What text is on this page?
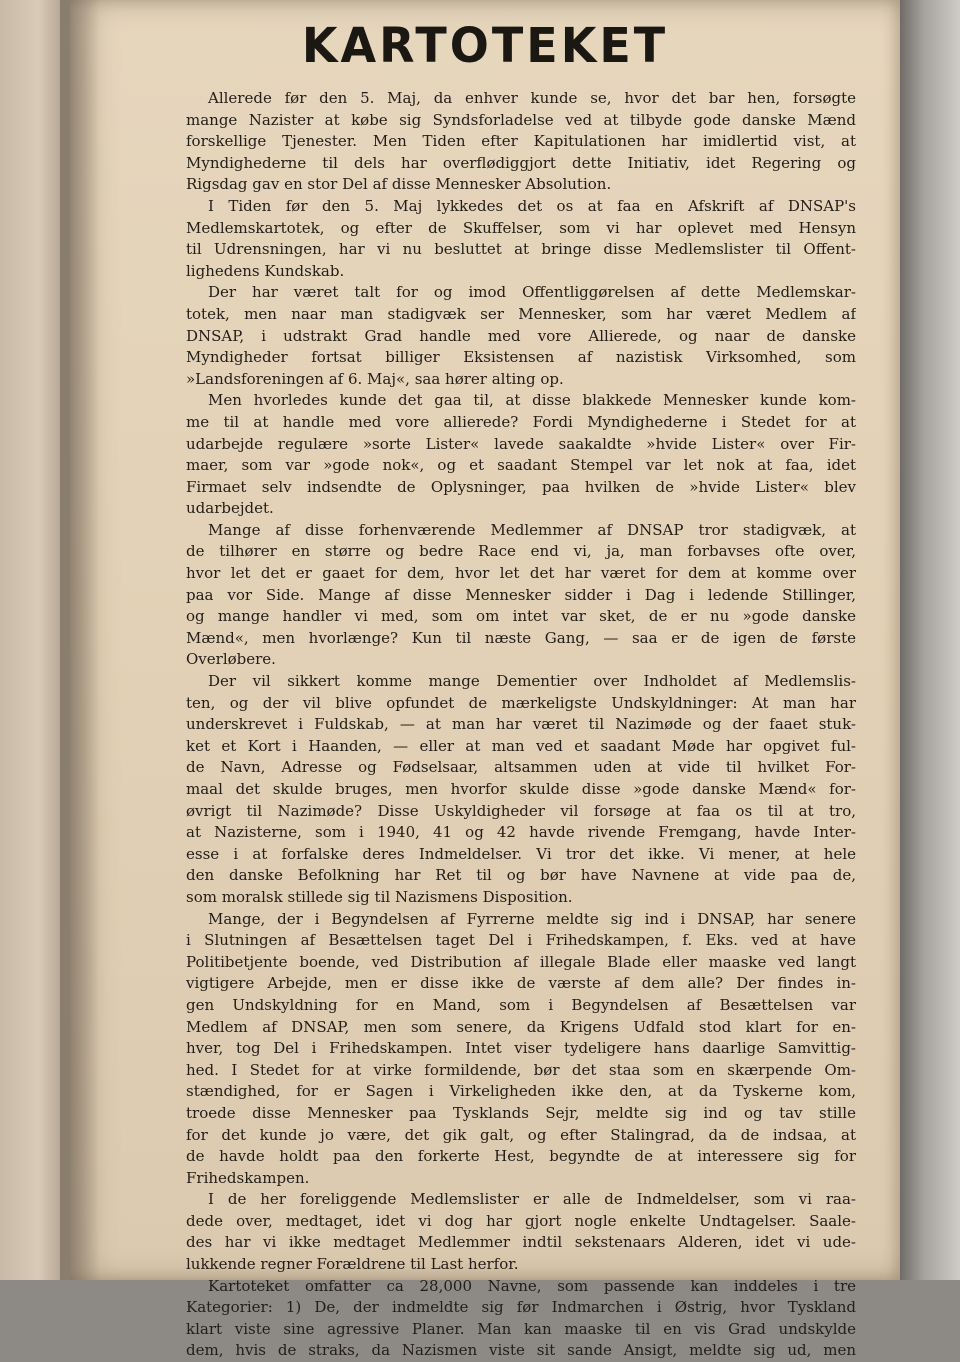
KARTOTEKET
Allerede før den 5. Maj, da enhver kunde se, hvor det bar hen, forsøgte
mange Nazister at købe sig Syndsforladelse ved at tilbyde gode danske Mænd
forskellige Tjenester. Men Tiden efter Kapitulationen har imidlertid vist, at
Myndighederne til dels har overflødiggjort dette Initiativ, idet Regering og
Rigsdag gav en stor Del af disse Mennesker Absolution.
I Tiden før den 5. Maj lykkedes det os at faa en Afskrift af DNSAP's
Medlemskartotek, og efter de Skuffelser, som vi har oplevet med Hensyn
til Udrensningen, har vi nu besluttet at bringe disse Medlemslister til Offent-
lighedens Kundskab.
Der har været talt for og imod Offentliggørelsen af dette Medlemskar-
totek, men naar man stadigvæk ser Mennesker, som har været Medlem af
DNSAP, i udstrakt Grad handle med vore Allierede, og naar de danske
Myndigheder fortsat billiger Eksistensen af nazistisk Virksomhed, som
»Landsforeningen af 6. Maj«, saa hører alting op.
Men hvorledes kunde det gaa til, at disse blakkede Mennesker kunde kom-
me til at handle med vore allierede? Fordi Myndighederne i Stedet for at
udarbejde regulære »sorte Lister« lavede saakaldte »hvide Lister« over Fir-
maer, som var »gode nok«, og et saadant Stempel var let nok at faa, idet
Firmaet selv indsendte de Oplysninger, paa hvilken de »hvide Lister« blev
udarbejdet.
Mange af disse forhenværende Medlemmer af DNSAP tror stadigvæk, at
de tilhører en større og bedre Race end vi, ja, man forbavses ofte over,
hvor let det er gaaet for dem, hvor let det har været for dem at komme over
paa vor Side. Mange af disse Mennesker sidder i Dag i ledende Stillinger,
og mange handler vi med, som om intet var sket, de er nu »gode danske
Mænd«, men hvorlænge? Kun til næste Gang, — saa er de igen de første
Overløbere.
Der vil sikkert komme mange Dementier over Indholdet af Medlemslis-
ten, og der vil blive opfundet de mærkeligste Undskyldninger: At man har
underskrevet i Fuldskab, — at man har været til Nazimøde og der faaet stuk-
ket et Kort i Haanden, — eller at man ved et saadant Møde har opgivet ful-
de Navn, Adresse og Fødselsaar, altsammen uden at vide til hvilket For-
maal det skulde bruges, men hvorfor skulde disse »gode danske Mænd« for-
øvrigt til Nazimøde? Disse Uskyldigheder vil forsøge at faa os til at tro,
at Nazisterne, som i 1940, 41 og 42 havde rivende Fremgang, havde Inter-
esse i at forfalske deres Indmeldelser. Vi tror det ikke. Vi mener, at hele
den danske Befolkning har Ret til og bør have Navnene at vide paa de,
som moralsk stillede sig til Nazismens Disposition.
Mange, der i Begyndelsen af Fyrrerne meldte sig ind i DNSAP, har senere
i Slutningen af Besættelsen taget Del i Frihedskampen, f. Eks. ved at have
Politibetjente boende, ved Distribution af illegale Blade eller maaske ved langt
vigtigere Arbejde, men er disse ikke de værste af dem alle? Der findes in-
gen Undskyldning for en Mand, som i Begyndelsen af Besættelsen var
Medlem af DNSAP, men som senere, da Krigens Udfald stod klart for en-
hver, tog Del i Frihedskampen. Intet viser tydeligere hans daarlige Samvittig-
hed. I Stedet for at virke formildende, bør det staa som en skærpende Om-
stændighed, for er Sagen i Virkeligheden ikke den, at da Tyskerne kom,
troede disse Mennesker paa Tysklands Sejr, meldte sig ind og tav stille
for det kunde jo være, det gik galt, og efter Stalingrad, da de indsaa, at
de havde holdt paa den forkerte Hest, begyndte de at interessere sig for
Frihedskampen.
I de her foreliggende Medlemslister er alle de Indmeldelser, som vi raa-
dede over, medtaget, idet vi dog har gjort nogle enkelte Undtagelser. Saale-
des har vi ikke medtaget Medlemmer indtil sekstenaars Alderen, idet vi ude-
lukkende regner Forældrene til Last herfor.
Kartoteket omfatter ca 28,000 Navne, som passende kan inddeles i tre
Kategorier: 1) De, der indmeldte sig før Indmarchen i Østrig, hvor Tyskland
klart viste sine agressive Planer. Man kan maaske til en vis Grad undskylde
dem, hvis de straks, da Nazismen viste sit sande Ansigt, meldte sig ud, men
